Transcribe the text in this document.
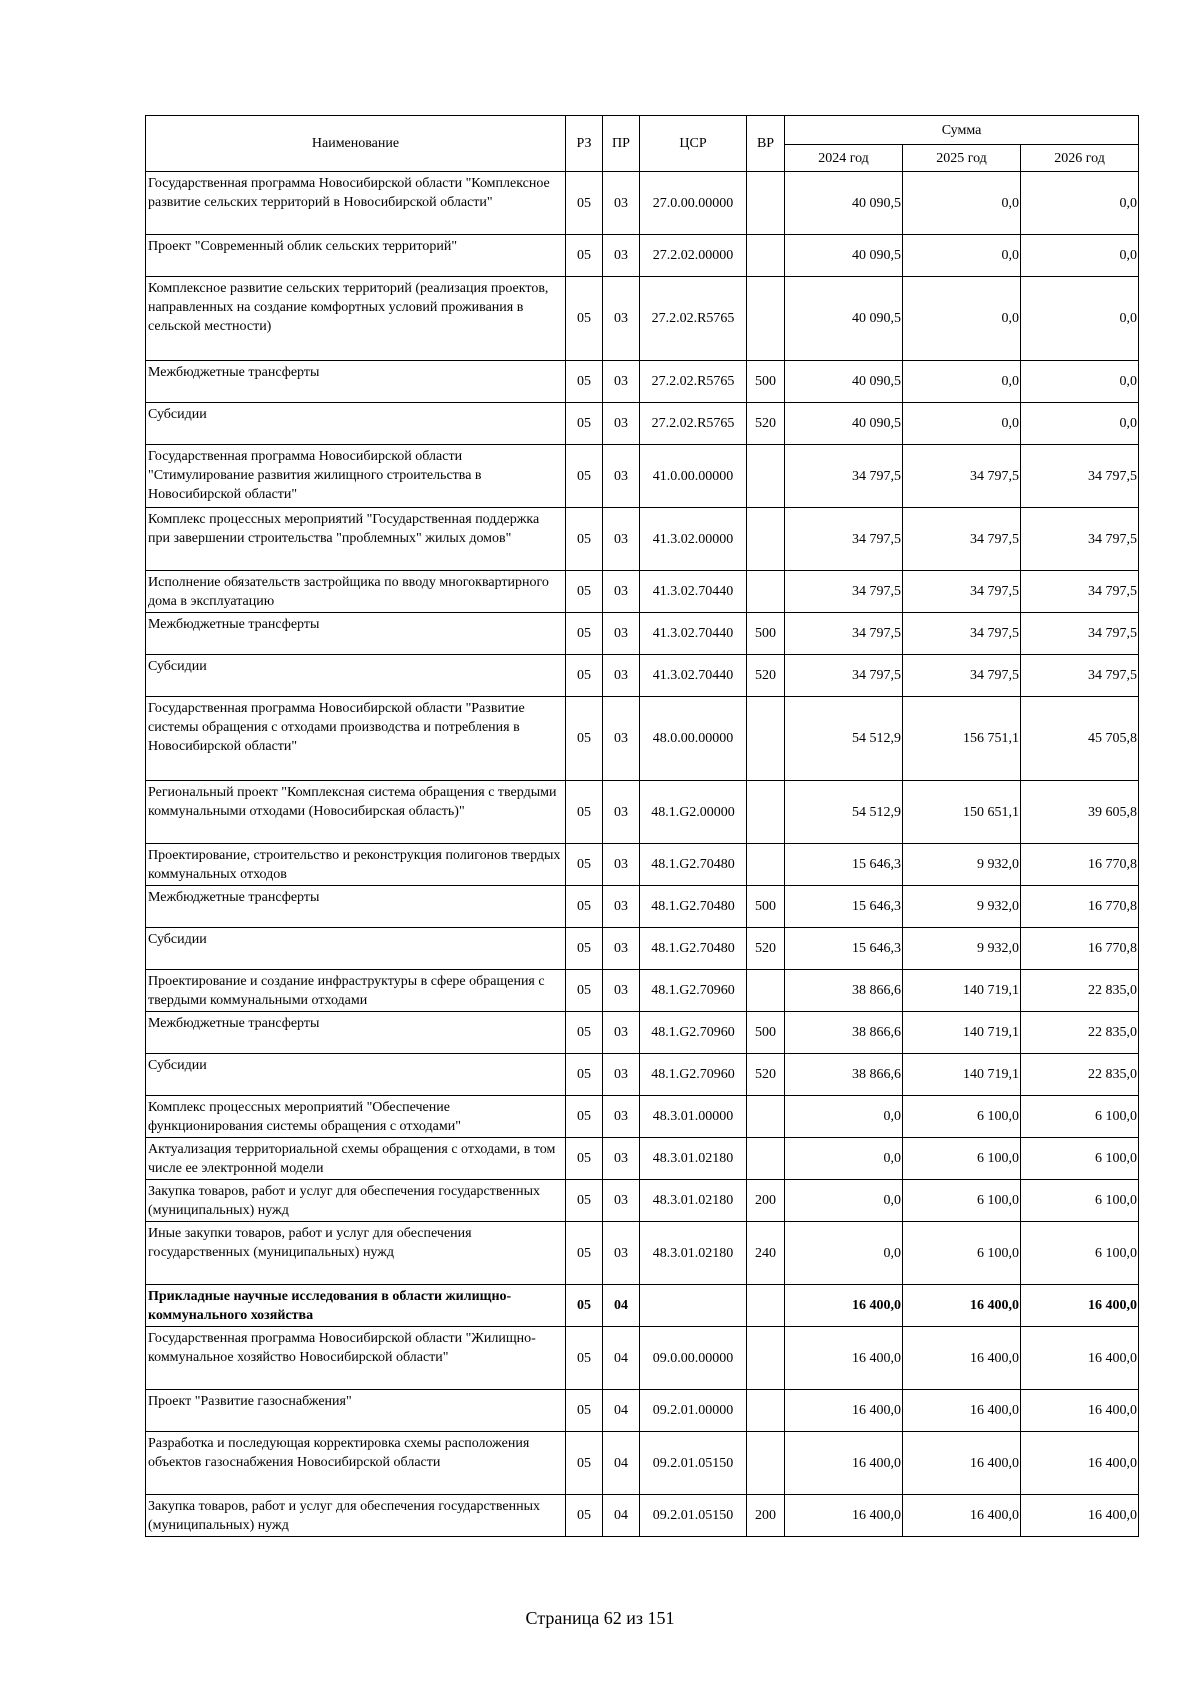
Наименование	РЗ	ПР	ЦСР	ВР	Сумма		
					2024 год	2025 год	2026 год
Государственная программа Новосибирской области "Комплексное развитие сельских территорий в Новосибирской области"	05	03	27.0.00.00000		40 090,5	0,0	0,0
Проект "Современный облик сельских территорий"	05	03	27.2.02.00000		40 090,5	0,0	0,0
Комплексное развитие сельских территорий (реализация проектов, направленных на создание комфортных условий проживания в сельской местности)	05	03	27.2.02.R5765		40 090,5	0,0	0,0
Межбюджетные трансферты	05	03	27.2.02.R5765	500	40 090,5	0,0	0,0
Субсидии	05	03	27.2.02.R5765	520	40 090,5	0,0	0,0
Государственная программа Новосибирской области "Стимулирование развития жилищного строительства в Новосибирской области"	05	03	41.0.00.00000		34 797,5	34 797,5	34 797,5
Комплекс процессных мероприятий "Государственная поддержка при завершении строительства "проблемных" жилых домов"	05	03	41.3.02.00000		34 797,5	34 797,5	34 797,5
Исполнение обязательств застройщика по вводу многоквартирного дома в эксплуатацию	05	03	41.3.02.70440		34 797,5	34 797,5	34 797,5
Межбюджетные трансферты	05	03	41.3.02.70440	500	34 797,5	34 797,5	34 797,5
Субсидии	05	03	41.3.02.70440	520	34 797,5	34 797,5	34 797,5
Государственная программа Новосибирской области "Развитие системы обращения с отходами производства и потребления в Новосибирской области"	05	03	48.0.00.00000		54 512,9	156 751,1	45 705,8
Региональный проект "Комплексная система обращения с твердыми коммунальными отходами (Новосибирская область)"	05	03	48.1.G2.00000		54 512,9	150 651,1	39 605,8
Проектирование, строительство и реконструкция полигонов твердых коммунальных отходов	05	03	48.1.G2.70480		15 646,3	9 932,0	16 770,8
Межбюджетные трансферты	05	03	48.1.G2.70480	500	15 646,3	9 932,0	16 770,8
Субсидии	05	03	48.1.G2.70480	520	15 646,3	9 932,0	16 770,8
Проектирование и создание инфраструктуры в сфере обращения с твердыми коммунальными отходами	05	03	48.1.G2.70960		38 866,6	140 719,1	22 835,0
Межбюджетные трансферты	05	03	48.1.G2.70960	500	38 866,6	140 719,1	22 835,0
Субсидии	05	03	48.1.G2.70960	520	38 866,6	140 719,1	22 835,0
Комплекс процессных мероприятий "Обеспечение функционирования системы обращения с отходами"	05	03	48.3.01.00000		0,0	6 100,0	6 100,0
Актуализация территориальной схемы обращения с отходами, в том числе ее электронной модели	05	03	48.3.01.02180		0,0	6 100,0	6 100,0
Закупка товаров, работ и услуг для обеспечения государственных (муниципальных) нужд	05	03	48.3.01.02180	200	0,0	6 100,0	6 100,0
Иные закупки товаров, работ и услуг для обеспечения государственных (муниципальных) нужд	05	03	48.3.01.02180	240	0,0	6 100,0	6 100,0
Прикладные научные исследования в области жилищно-коммунального хозяйства	05	04			16 400,0	16 400,0	16 400,0
Государственная программа Новосибирской области "Жилищно-коммунальное хозяйство Новосибирской области"	05	04	09.0.00.00000		16 400,0	16 400,0	16 400,0
Проект "Развитие газоснабжения"	05	04	09.2.01.00000		16 400,0	16 400,0	16 400,0
Разработка и последующая корректировка схемы расположения объектов газоснабжения Новосибирской области	05	04	09.2.01.05150		16 400,0	16 400,0	16 400,0
Закупка товаров, работ и услуг для обеспечения государственных (муниципальных) нужд	05	04	09.2.01.05150	200	16 400,0	16 400,0	16 400,0
Страница 62 из 151
